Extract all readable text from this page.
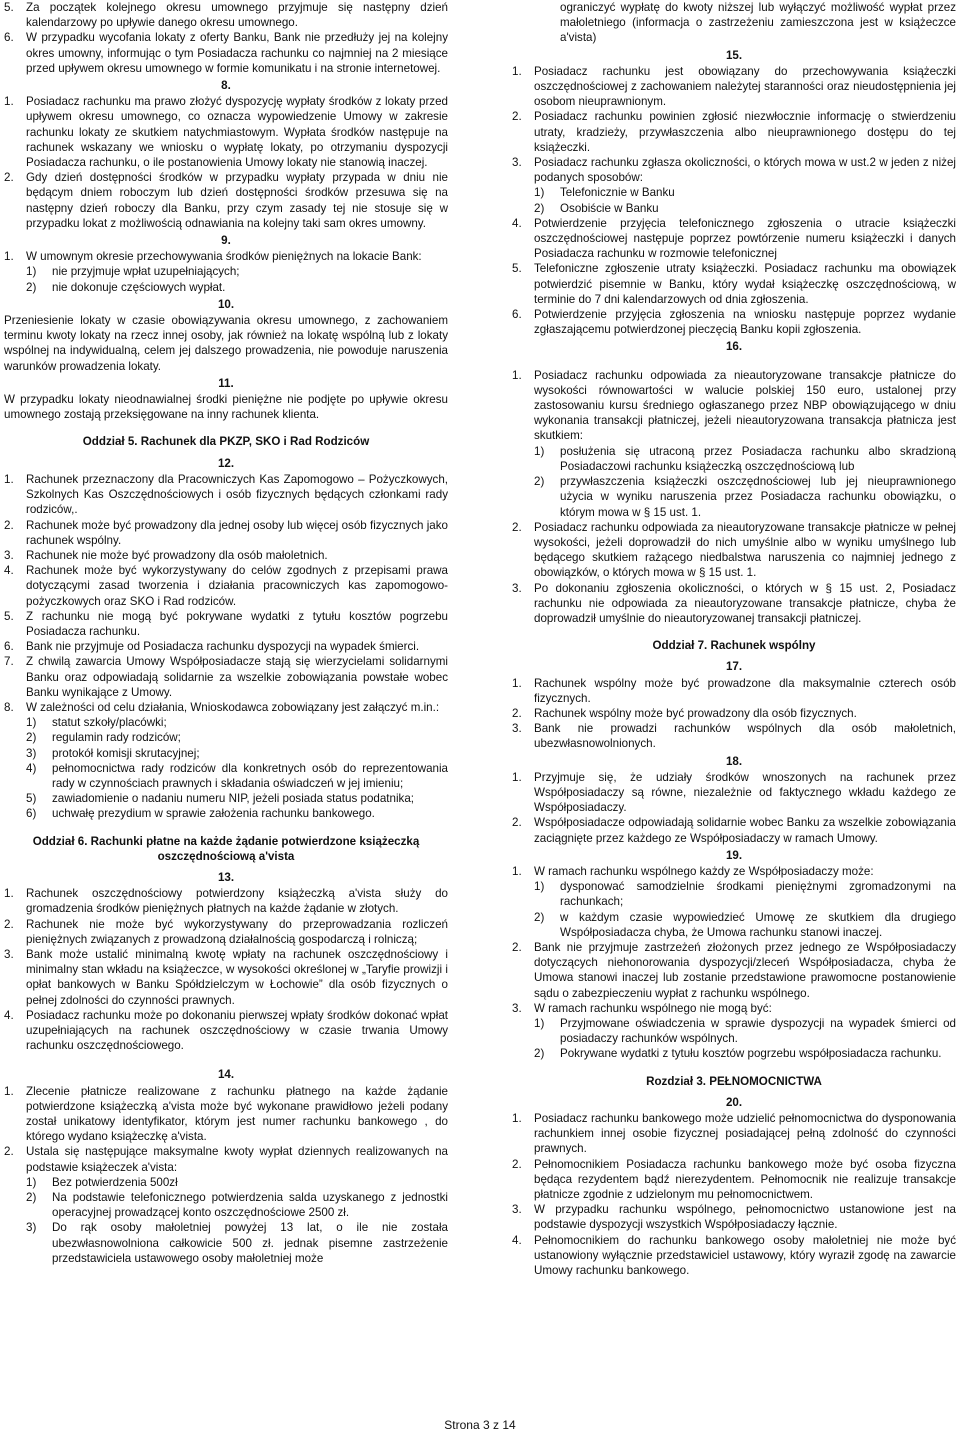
5.	Za początek kolejnego okresu umownego przyjmuje się następny dzień kalendarzowy po upływie danego okresu umownego.
6.	W przypadku wycofania lokaty z oferty Banku, Bank nie przedłuży jej na kolejny okres umowny, informując o tym Posiadacza rachunku co najmniej na 2 miesiące przed upływem okresu umownego w formie komunikatu i na stronie internetowej.
8.
1.	Posiadacz rachunku ma prawo złożyć dyspozycję wypłaty środków z lokaty przed upływem okresu umownego, co oznacza wypowiedzenie Umowy w zakresie rachunku lokaty ze skutkiem natychmiastowym. Wypłata środków następuje na rachunek wskazany we wniosku o wypłatę lokaty, po otrzymaniu dyspozycji Posiadacza rachunku, o ile postanowienia Umowy lokaty nie stanowią inaczej.
2.	Gdy dzień dostępności środków w przypadku wypłaty przypada w dniu nie będącym dniem roboczym lub dzień dostępności środków przesuwa się na następny dzień roboczy dla Banku, przy czym zasady tej nie stosuje się w przypadku lokat z możliwością odnawiania na kolejny taki sam okres umowny.
9.
1.	W umownym okresie przechowywania środków pieniężnych na lokacie Bank:
1)	nie przyjmuje wpłat uzupełniających;
2)	nie dokonuje częściowych wypłat.
10.
Przeniesienie lokaty w czasie obowiązywania okresu umownego, z zachowaniem terminu kwoty lokaty na rzecz innej osoby, jak również na lokatę wspólną lub z lokaty wspólnej na indywidualną, celem jej dalszego prowadzenia, nie powoduje naruszenia warunków prowadzenia lokaty.
11.
W przypadku lokaty nieodnawialnej środki pieniężne nie podjęte po upływie okresu umownego zostają przeksięgowane na inny rachunek klienta.
Oddział 5. Rachunek dla PKZP, SKO i Rad Rodziców
12.
1.	Rachunek przeznaczony dla Pracowniczych Kas Zapomogowo – Pożyczkowych, Szkolnych Kas Oszczędnościowych i osób fizycznych będących członkami rady rodziców,.
2.	Rachunek może być prowadzony dla jednej osoby lub więcej osób fizycznych jako rachunek wspólny.
3.	Rachunek nie może być prowadzony dla osób małoletnich.
4.	Rachunek może być wykorzystywany do celów zgodnych z przepisami prawa dotyczącymi zasad tworzenia i działania pracowniczych kas zapomogowo-pożyczkowych oraz SKO i Rad rodziców.
5.	Z rachunku nie mogą być pokrywane wydatki z tytułu kosztów pogrzebu Posiadacza rachunku.
6.	Bank nie przyjmuje od Posiadacza rachunku dyspozycji na wypadek śmierci.
7.	Z chwilą zawarcia Umowy Współposiadacze stają się wierzycielami solidarnymi Banku oraz odpowiadają solidarnie za wszelkie zobowiązania powstałe wobec Banku wynikające z Umowy.
8.	W zależności od celu działania, Wnioskodawca zobowiązany jest załączyć m.in.:
1)	statut szkoły/placówki;
2)	regulamin rady rodziców;
3)	protokół komisji skrutacyjnej;
4)	pełnomocnictwa rady rodziców dla konkretnych osób do reprezentowania rady w czynnościach prawnych i składania oświadczeń w jej imieniu;
5)	zawiadomienie o nadaniu numeru NIP, jeżeli posiada status podatnika;
6)	uchwałę prezydium w sprawie założenia rachunku bankowego.
Oddział 6. Rachunki płatne na każde żądanie potwierdzone książeczką oszczędnościową a'vista
13.
1.	Rachunek oszczędnościowy potwierdzony książeczką a'vista służy do gromadzenia środków pieniężnych płatnych na każde żądanie w złotych.
2.	Rachunek nie może być wykorzystywany do przeprowadzania rozliczeń pieniężnych związanych z prowadzoną działalnością gospodarczą i rolniczą;
3.	Bank może ustalić minimalną kwotę wpłaty na rachunek oszczędnościowy i minimalny stan wkładu na książeczce, w wysokości określonej w „Taryfie prowizji i opłat bankowych w Banku Spółdzielczym w Łochowie” dla osób fizycznych o pełnej zdolności do czynności prawnych.
4.	Posiadacz rachunku może po dokonaniu pierwszej wpłaty środków dokonać wpłat uzupełniających na rachunek oszczędnościowy w czasie trwania Umowy rachunku oszczędnościowego.
14.
1.	Zlecenie płatnicze realizowane z rachunku płatnego na każde żądanie potwierdzone książeczką a'vista może być wykonane prawidłowo jeżeli podany został unikatowy identyfikator, którym jest numer rachunku bankowego , do którego wydano książeczkę a'vista.
2.	Ustala się następujące maksymalne kwoty wypłat dziennych realizowanych na podstawie książeczek a'vista:
1)	Bez potwierdzenia 500zł
2)	Na podstawie telefonicznego potwierdzenia salda uzyskanego z jednostki operacyjnej prowadzącej konto oszczędnościowe 2500 zł.
3)	Do rąk osoby małoletniej powyżej 13 lat, o ile nie została ubezwłasnowolniona całkowicie 500 zł. jednak pisemne zastrzeżenie przedstawiciela ustawowego osoby małoletniej może
ograniczyć wypłatę do kwoty niższej lub wyłączyć możliwość wypłat przez małoletniego (informacja o zastrzeżeniu zamieszczona jest w książeczce a'vista)
15.
1.	Posiadacz rachunku jest obowiązany do przechowywania książeczki oszczędnościowej z zachowaniem należytej staranności oraz nieudostępnienia jej osobom nieuprawnionym.
2.	Posiadacz rachunku powinien zgłosić niezwłocznie informację o stwierdzeniu utraty, kradzieży, przywłaszczenia albo nieuprawnionego dostępu do tej książeczki.
3.	Posiadacz rachunku zgłasza okoliczności, o których mowa w ust.2 w jeden z niżej podanych sposobów:
1)	Telefonicznie w Banku
2)	Osobiście w Banku
4.	Potwierdzenie przyjęcia telefonicznego zgłoszenia o utracie książeczki oszczędnościowej następuje poprzez powtórzenie numeru książeczki i danych Posiadacza rachunku w rozmowie telefonicznej
5.	Telefoniczne zgłoszenie utraty książeczki. Posiadacz rachunku ma obowiązek potwierdzić pisemnie w Banku, który wydał książeczkę oszczędnościową, w terminie do 7 dni kalendarzowych od dnia zgłoszenia.
6.	Potwierdzenie przyjęcia zgłoszenia na wniosku następuje poprzez wydanie zgłaszającemu potwierdzonej pieczęcią Banku kopii zgłoszenia.
16.
1.	Posiadacz rachunku odpowiada za nieautoryzowane transakcje płatnicze do wysokości równowartości w walucie polskiej 150 euro, ustalonej przy zastosowaniu kursu średniego ogłaszanego przez NBP obowiązującego w dniu wykonania transakcji płatniczej, jeżeli nieautoryzowana transakcja płatnicza jest skutkiem:
1)	posłużenia się utraconą przez Posiadacza rachunku albo skradzioną Posiadaczowi rachunku książeczką oszczędnościową lub
2)	przywłaszczenia książeczki oszczędnościowej lub jej nieuprawnionego użycia w wyniku naruszenia przez Posiadacza rachunku obowiązku, o którym mowa w § 15 ust. 1.
2.	Posiadacz rachunku odpowiada za nieautoryzowane transakcje płatnicze w pełnej wysokości, jeżeli doprowadził do nich umyślnie albo w wyniku umyślnego lub będącego skutkiem rażącego niedbalstwa naruszenia co najmniej jednego z obowiązków, o których mowa w § 15 ust. 1.
3.	Po dokonaniu zgłoszenia okoliczności, o których w § 15 ust. 2, Posiadacz rachunku nie odpowiada za nieautoryzowane transakcje płatnicze, chyba że doprowadził umyślnie do nieautoryzowanej transakcji płatniczej.
Oddział 7. Rachunek wspólny
17.
1.	Rachunek wspólny może być prowadzone dla maksymalnie czterech osób fizycznych.
2.	Rachunek wspólny może być prowadzony dla osób fizycznych.
3.	Bank nie prowadzi rachunków wspólnych dla osób małoletnich, ubezwłasnowolnionych.
18.
1.	Przyjmuje się, że udziały środków wnoszonych na rachunek przez Współposiadaczy są równe, niezależnie od faktycznego wkładu każdego ze Współposiadaczy.
2.	Współposiadacze odpowiadają solidarnie wobec Banku za wszelkie zobowiązania zaciągnięte przez każdego ze Współposiadaczy w ramach Umowy.
19.
1.	W ramach rachunku wspólnego każdy ze Współposiadaczy może:
1)	dysponować samodzielnie środkami pieniężnymi zgromadzonymi na rachunkach;
2)	w każdym czasie wypowiedzieć Umowę ze skutkiem dla drugiego Współposiadacza chyba, że Umowa rachunku stanowi inaczej.
2.	Bank nie przyjmuje zastrzeżeń złożonych przez jednego ze Współposiadaczy dotyczących niehonorowania dyspozycji/zleceń Współposiadacza, chyba że Umowa stanowi inaczej lub zostanie przedstawione prawomocne postanowienie sądu o zabezpieczeniu wypłat z rachunku wspólnego.
3.	W ramach rachunku wspólnego nie mogą być:
1)	Przyjmowane oświadczenia w sprawie dyspozycji na wypadek śmierci od posiadaczy rachunków wspólnych.
2)	Pokrywane wydatki z tytułu kosztów pogrzebu współposiadacza rachunku.
Rozdział 3. PEŁNOMOCNICTWA
20.
1.	Posiadacz rachunku bankowego może udzielić pełnomocnictwa do dysponowania rachunkiem innej osobie fizycznej posiadającej pełną zdolność do czynności prawnych.
2.	Pełnomocnikiem Posiadacza rachunku bankowego może być osoba fizyczna będąca rezydentem bądź nierezydentem. Pełnomocnik nie realizuje transakcje płatnicze zgodnie z udzielonym mu pełnomocnictwem.
3.	W przypadku rachunku wspólnego, pełnomocnictwo ustanowione jest na podstawie dyspozycji wszystkich Współposiadaczy łącznie.
4.	Pełnomocnikiem do rachunku bankowego osoby małoletniej nie może być ustanowiony wyłącznie przedstawiciel ustawowy, który wyraził zgodę na zawarcie Umowy rachunku bankowego.
Strona 3 z 14
